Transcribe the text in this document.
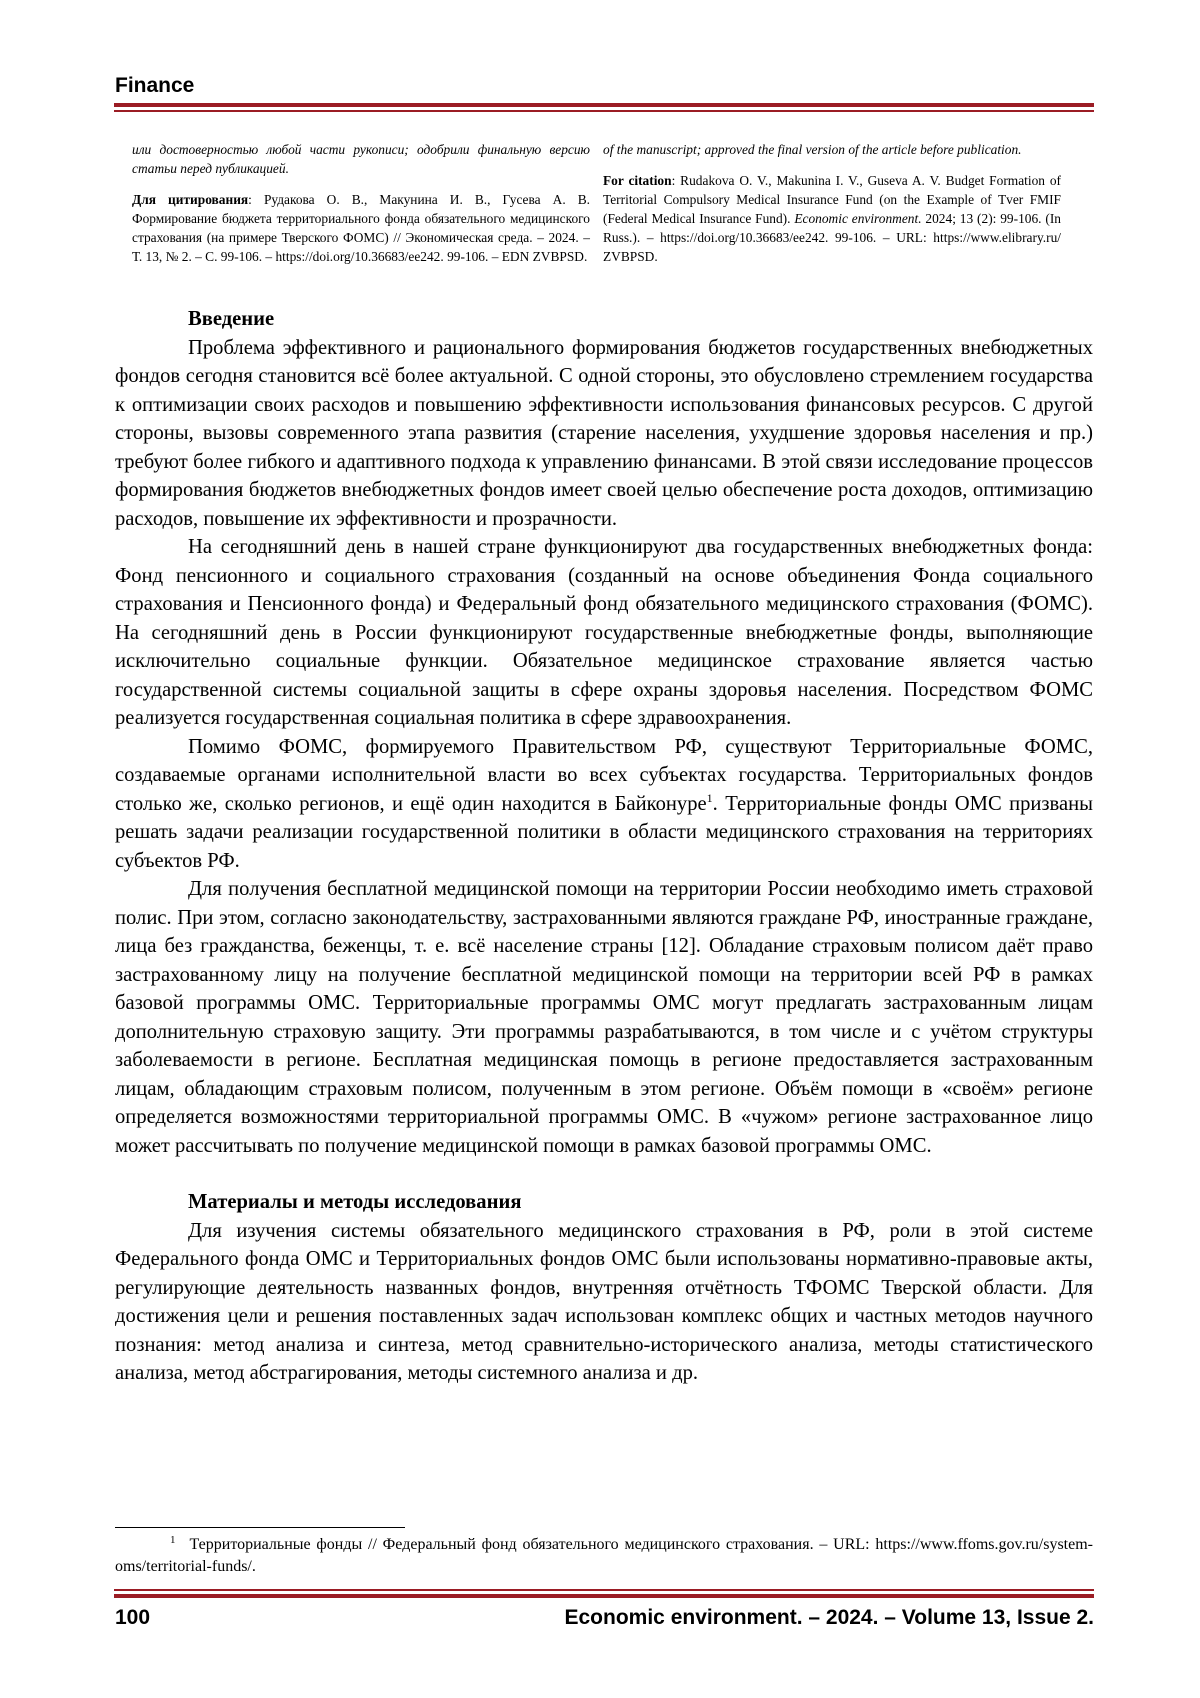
Finance

или достоверностью любой части рукописи; одобрили финальную версию статьи перед публикацией.

Для цитирования: Рудакова О. В., Макунина И. В., Гусева А. В. Формирование бюджета территориального фонда обязательного медицинского страхования (на примере Тверского ФОМС) // Экономическая среда. – 2024. – Т. 13, № 2. – С. 99-106. – https://doi.org/10.36683/ee242. 99-106. – EDN ZVBPSD.

of the manuscript; approved the final version of the article before publication.

For citation: Rudakova O. V., Makunina I. V., Guseva A. V. Budget Formation of Territorial Compulsory Medical Insurance Fund (on the Example of Tver FMIF (Federal Medical Insurance Fund). Economic environment. 2024; 13 (2): 99-106. (In Russ.). – https://doi.org/10.36683/ee242. 99-106. – URL: https://www.elibrary.ru/ ZVBPSD.

Введение

Проблема эффективного и рационального формирования бюджетов государственных внебюджетных фондов сегодня становится всё более актуальной. С одной стороны, это обусловлено стремлением государства к оптимизации своих расходов и повышению эффективности использования финансовых ресурсов. С другой стороны, вызовы современного этапа развития (старение населения, ухудшение здоровья населения и пр.) требуют более гибкого и адаптивного подхода к управлению финансами. В этой связи исследование процессов формирования бюджетов внебюджетных фондов имеет своей целью обеспечение роста доходов, оптимизацию расходов, повышение их эффективности и прозрачности.

На сегодняшний день в нашей стране функционируют два государственных внебюджетных фонда: Фонд пенсионного и социального страхования (созданный на основе объединения Фонда социального страхования и Пенсионного фонда) и Федеральный фонд обязательного медицинского страхования (ФОМС). На сегодняшний день в России функционируют государственные внебюджетные фонды, выполняющие исключительно социальные функции. Обязательное медицинское страхование является частью государственной системы социальной защиты в сфере охраны здоровья населения. Посредством ФОМС реализуется государственная социальная политика в сфере здравоохранения.

Помимо ФОМС, формируемого Правительством РФ, существуют Территориальные ФОМС, создаваемые органами исполнительной власти во всех субъектах государства. Территориальных фондов столько же, сколько регионов, и ещё один находится в Байконуре$^1$. Территориальные фонды ОМС призваны решать задачи реализации государственной политики в области медицинского страхования на территориях субъектов РФ.

Для получения бесплатной медицинской помощи на территории России необходимо иметь страховой полис. При этом, согласно законодательству, застрахованными являются граждане РФ, иностранные граждане, лица без гражданства, беженцы, т. е. всё население страны [12]. Обладание страховым полисом даёт право застрахованному лицу на получение бесплатной медицинской помощи на территории всей РФ в рамках базовой программы ОМС. Территориальные программы ОМС могут предлагать застрахованным лицам дополнительную страховую защиту. Эти программы разрабатываются, в том числе и с учётом структуры заболеваемости в регионе. Бесплатная медицинская помощь в регионе предоставляется застрахованным лицам, обладающим страховым полисом, полученным в этом регионе. Объём помощи в «своём» регионе определяется возможностями территориальной программы ОМС. В «чужом» регионе застрахованное лицо может рассчитывать по получение медицинской помощи в рамках базовой программы ОМС.

Материалы и методы исследования

Для изучения системы обязательного медицинского страхования в РФ, роли в этой системе Федерального фонда ОМС и Территориальных фондов ОМС были использованы нормативно-правовые акты, регулирующие деятельность названных фондов, внутренняя отчётность ТФОМС Тверской области. Для достижения цели и решения поставленных задач использован комплекс общих и частных методов научного познания: метод анализа и синтеза, метод сравнительно-исторического анализа, методы статистического анализа, метод абстрагирования, методы системного анализа и др.

$^1$ Территориальные фонды // Федеральный фонд обязательного медицинского страхования. – URL: https://www.ffoms.gov.ru/system-oms/territorial-funds/.
100	Economic environment. – 2024. – Volume 13, Issue 2.
